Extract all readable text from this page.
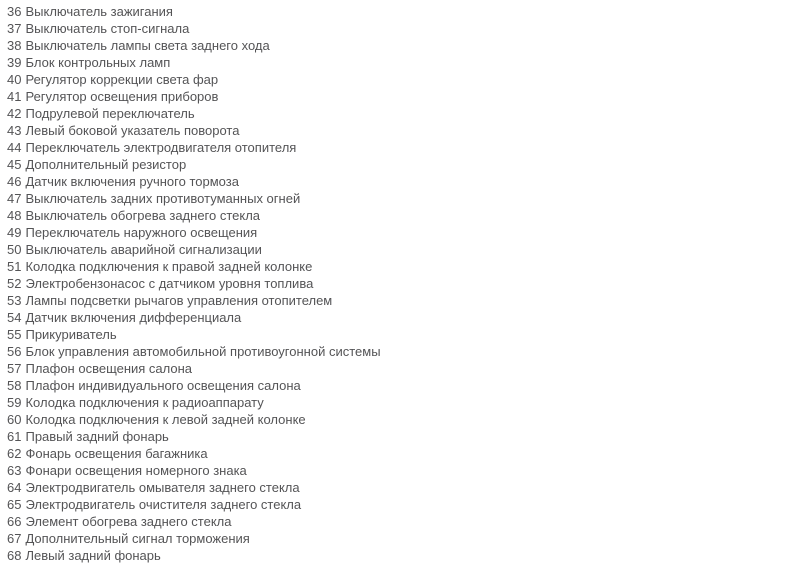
36 Выключатель зажигания
37 Выключатель стоп-сигнала
38 Выключатель лампы света заднего хода
39 Блок контрольных ламп
40 Регулятор коррекции света фар
41 Регулятор освещения приборов
42 Подрулевой переключатель
43 Левый боковой указатель поворота
44 Переключатель электродвигателя отопителя
45 Дополнительный резистор
46 Датчик включения ручного тормоза
47 Выключатель задних противотуманных огней
48 Выключатель обогрева заднего стекла
49 Переключатель наружного освещения
50 Выключатель аварийной сигнализации
51 Колодка подключения к правой задней колонке
52 Электробензонасос с датчиком уровня топлива
53 Лампы подсветки рычагов управления отопителем
54 Датчик включения дифференциала
55 Прикуриватель
56 Блок управления автомобильной противоугонной системы
57 Плафон освещения салона
58 Плафон индивидуального освещения салона
59 Колодка подключения к радиоаппарату
60 Колодка подключения к левой задней колонке
61 Правый задний фонарь
62 Фонарь освещения багажника
63 Фонари освещения номерного знака
64 Электродвигатель омывателя заднего стекла
65 Электродвигатель очистителя заднего стекла
66 Элемент обогрева заднего стекла
67 Дополнительный сигнал торможения
68 Левый задний фонарь
